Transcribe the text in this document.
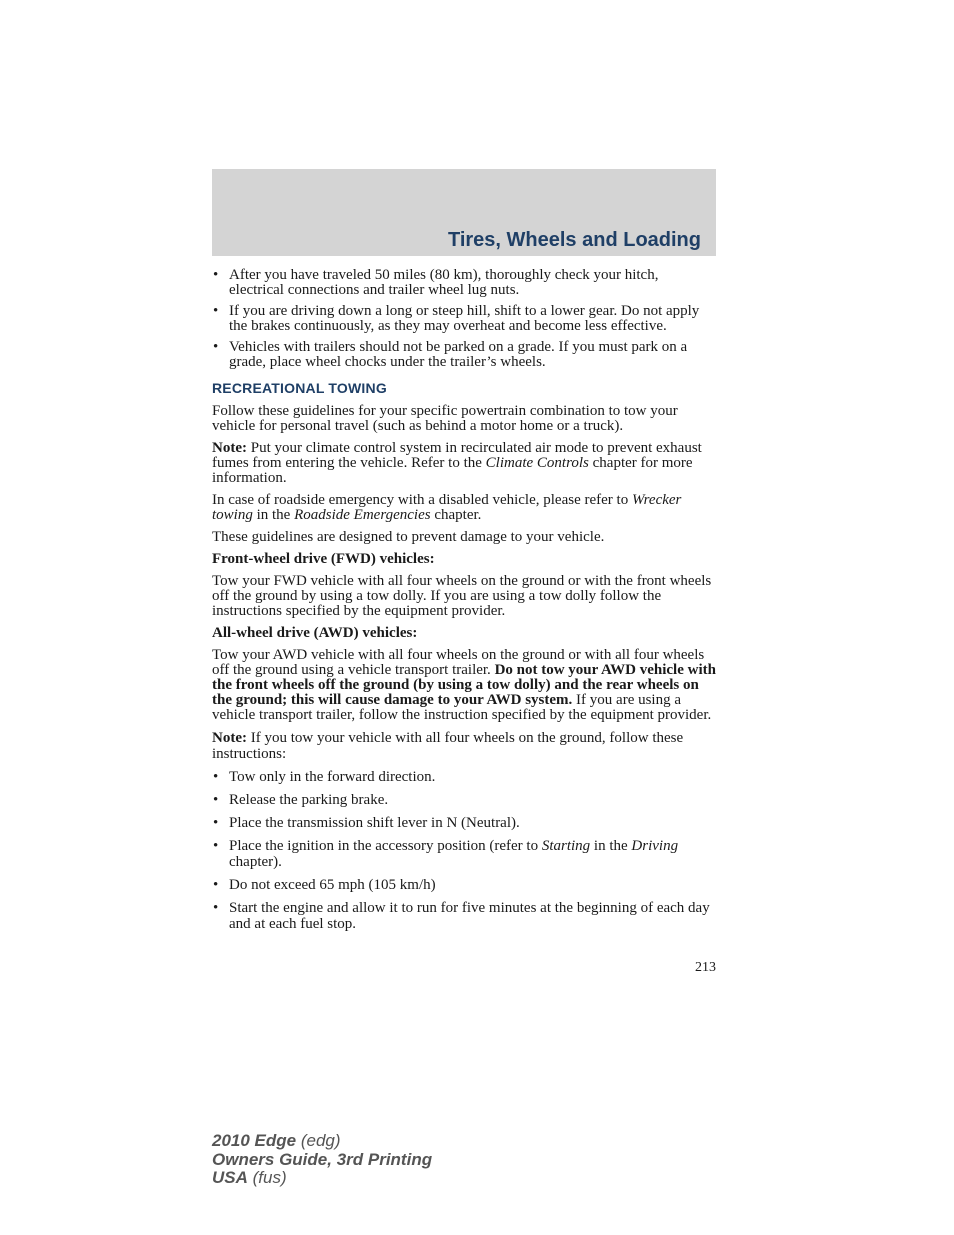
Tires, Wheels and Loading
• After you have traveled 50 miles (80 km), thoroughly check your hitch, electrical connections and trailer wheel lug nuts.
• If you are driving down a long or steep hill, shift to a lower gear. Do not apply the brakes continuously, as they may overheat and become less effective.
• Vehicles with trailers should not be parked on a grade. If you must park on a grade, place wheel chocks under the trailer’s wheels.
RECREATIONAL TOWING

Follow these guidelines for your specific powertrain combination to tow your vehicle for personal travel (such as behind a motor home or a truck).

Note: Put your climate control system in recirculated air mode to prevent exhaust fumes from entering the vehicle. Refer to the Climate Controls chapter for more information.

In case of roadside emergency with a disabled vehicle, please refer to Wrecker towing in the Roadside Emergencies chapter.

These guidelines are designed to prevent damage to your vehicle.

Front-wheel drive (FWD) vehicles:

Tow your FWD vehicle with all four wheels on the ground or with the front wheels off the ground by using a tow dolly. If you are using a tow dolly follow the instructions specified by the equipment provider.

All-wheel drive (AWD) vehicles:

Tow your AWD vehicle with all four wheels on the ground or with all four wheels off the ground using a vehicle transport trailer. Do not tow your AWD vehicle with the front wheels off the ground (by using a tow dolly) and the rear wheels on the ground; this will cause damage to your AWD system. If you are using a vehicle transport trailer, follow the instruction specified by the equipment provider.

Note: If you tow your vehicle with all four wheels on the ground, follow these instructions:

• Tow only in the forward direction.
• Release the parking brake.
• Place the transmission shift lever in N (Neutral).
• Place the ignition in the accessory position (refer to Starting in the Driving chapter).
• Do not exceed 65 mph (105 km/h)
• Start the engine and allow it to run for five minutes at the beginning of each day and at each fuel stop.
213
2010 Edge (edg)
Owners Guide, 3rd Printing
USA (fus)
